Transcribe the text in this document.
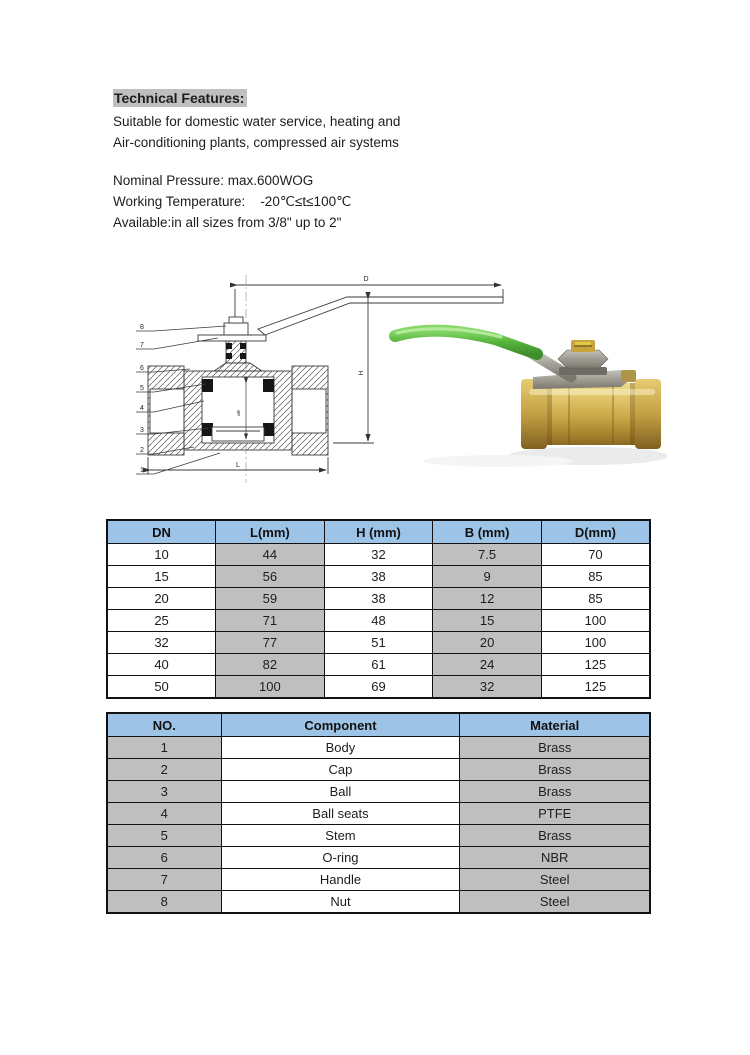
Technical Features:

Suitable for domestic water service, heating and

Air-conditioning plants, compressed air systems

Nominal Pressure: max.600WOG

Working Temperature:    -20℃≤t≤100℃

Available:in all sizes from 3/8" up to 2"

D
øB
H
L
8
7
6
5
4
3
2
1
DN	L(mm)	H (mm)	B (mm)	D(mm)
10	44	32	7.5	70
15	56	38	9	85
20	59	38	12	85
25	71	48	15	100
32	77	51	20	100
40	82	61	24	125
50	100	69	32	125
NO.	Component	Material
1	Body	Brass
2	Cap	Brass
3	Ball	Brass
4	Ball seats	PTFE
5	Stem	Brass
6	O-ring	NBR
7	Handle	Steel
8	Nut	Steel
